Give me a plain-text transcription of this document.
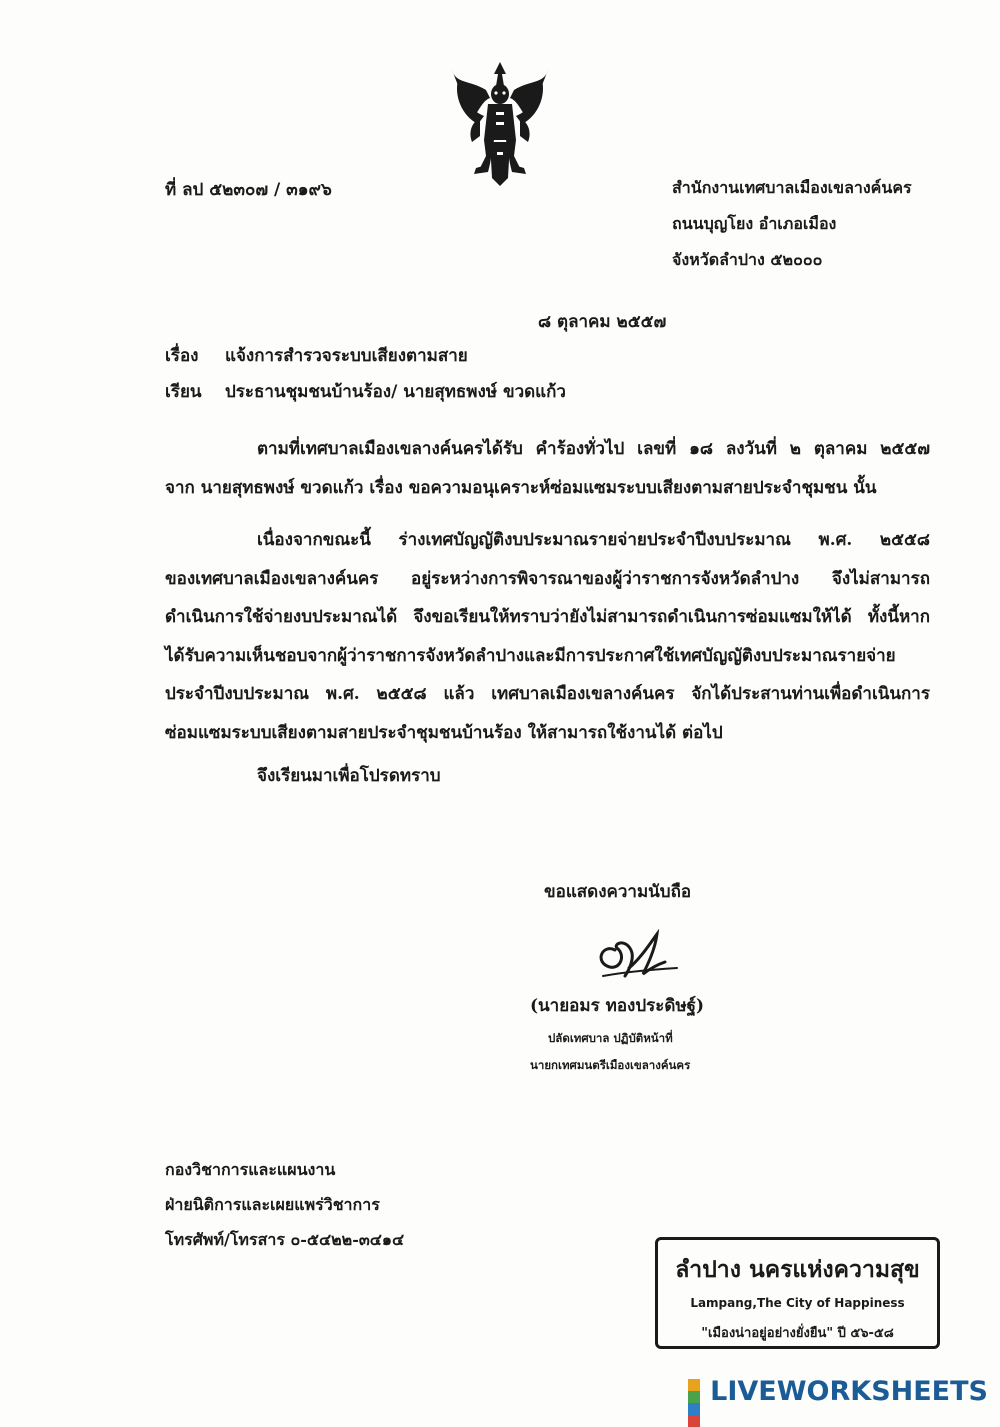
ที่ ลป ๕๒๓๐๗ / ๓๑๙๖	สำนักงานเทศบาลเมืองเขลางค์นคร
ถนนบุญโยง อำเภอเมือง
จังหวัดลำปาง ๕๒๐๐๐
๘ ตุลาคม ๒๕๕๗
เรื่อง แจ้งการสำรวจระบบเสียงตามสาย
เรียน ประธานชุมชนบ้านร้อง/ นายสุทธพงษ์ ขวดแก้ว
ตามที่เทศบาลเมืองเขลางค์นครได้รับ คำร้องทั่วไป เลขที่ ๑๘ ลงวันที่ ๒ ตุลาคม ๒๕๕๗
จาก นายสุทธพงษ์ ขวดแก้ว เรื่อง ขอความอนุเคราะห์ซ่อมแซมระบบเสียงตามสายประจำชุมชน นั้น
เนื่องจากขณะนี้ ร่างเทศบัญญัติงบประมาณรายจ่ายประจำปีงบประมาณ พ.ศ. ๒๕๕๘
ของเทศบาลเมืองเขลางค์นคร อยู่ระหว่างการพิจารณาของผู้ว่าราชการจังหวัดลำปาง จึงไม่สามารถ
ดำเนินการใช้จ่ายงบประมาณได้ จึงขอเรียนให้ทราบว่ายังไม่สามารถดำเนินการซ่อมแซมให้ได้ ทั้งนี้หาก
ได้รับความเห็นชอบจากผู้ว่าราชการจังหวัดลำปางและมีการประกาศใช้เทศบัญญัติงบประมาณรายจ่าย
ประจำปีงบประมาณ พ.ศ. ๒๕๕๘ แล้ว เทศบาลเมืองเขลางค์นคร จักได้ประสานท่านเพื่อดำเนินการ
ซ่อมแซมระบบเสียงตามสายประจำชุมชนบ้านร้อง ให้สามารถใช้งานได้ ต่อไป
จึงเรียนมาเพื่อโปรดทราบ
ขอแสดงความนับถือ
(นายอมร ทองประดิษฐ์)
ปลัดเทศบาล ปฏิบัติหน้าที่
นายกเทศมนตรีเมืองเขลางค์นคร
กองวิชาการและแผนงาน
ฝ่ายนิติการและเผยแพร่วิชาการ
โทรศัพท์/โทรสาร ๐-๕๔๒๒-๓๔๑๔
ลำปาง นครแห่งความสุข
Lampang,The City of Happiness
"เมืองน่าอยู่อย่างยั่งยืน" ปี ๕๖-๕๘
LIVEWORKSHEETS
